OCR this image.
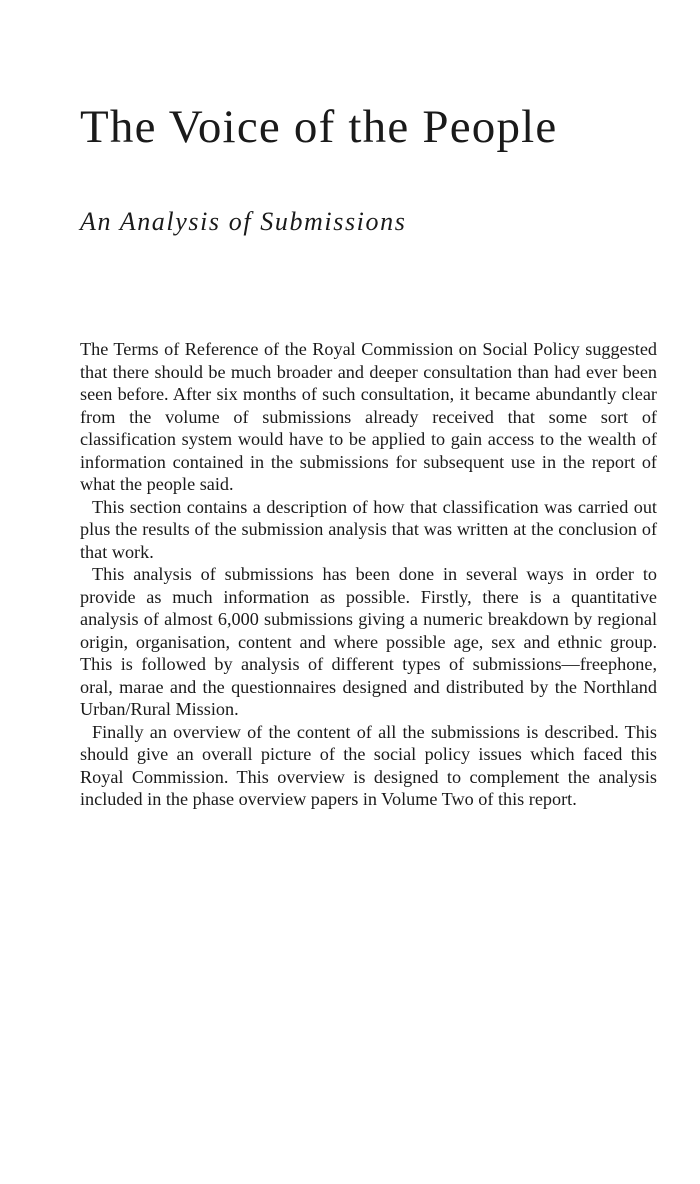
The Voice of the People
An Analysis of Submissions

The Terms of Reference of the Royal Commission on Social Policy suggested that there should be much broader and deeper consultation than had ever been seen before. After six months of such consultation, it became abundantly clear from the volume of submissions already received that some sort of classification system would have to be applied to gain access to the wealth of information contained in the submissions for subsequent use in the report of what the people said.

This section contains a description of how that classification was carried out plus the results of the submission analysis that was written at the conclusion of that work.

This analysis of submissions has been done in several ways in order to provide as much information as possible. Firstly, there is a quantitative analysis of almost 6,000 submissions giving a numeric breakdown by regional origin, organisation, content and where possible age, sex and ethnic group. This is followed by analysis of different types of submissions—freephone, oral, marae and the questionnaires designed and distributed by the Northland Urban/Rural Mission.

Finally an overview of the content of all the submissions is described. This should give an overall picture of the social policy issues which faced this Royal Commission. This overview is designed to complement the analysis included in the phase overview papers in Volume Two of this report.
